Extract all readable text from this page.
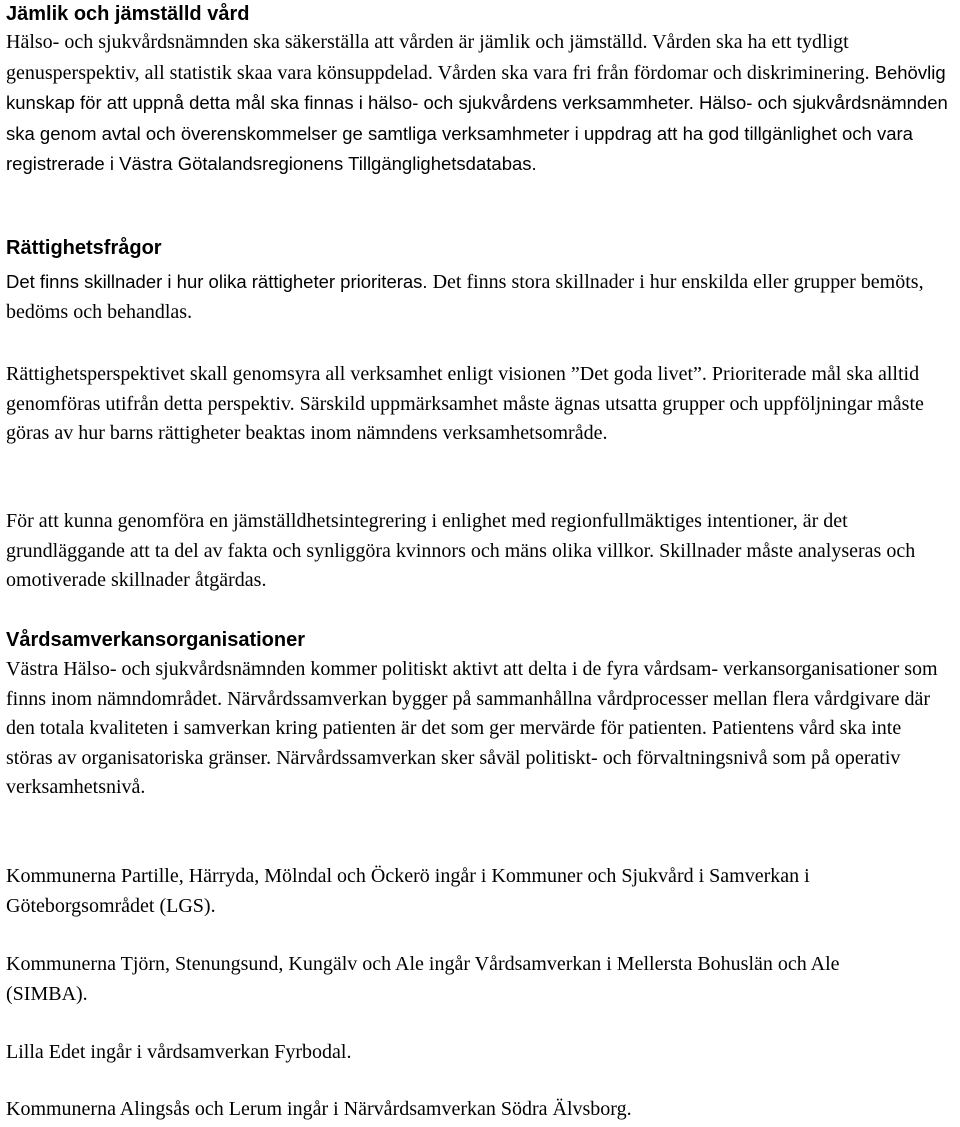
Jämlik och jämställd vård

Hälso- och sjukvårdsnämnden ska säkerställa att vården är jämlik och jämställd. Vården ska ha ett tydligt genusperspektiv, all statistik skaa vara könsuppdelad. Vården ska vara fri från fördomar och diskriminering. Behövlig kunskap för att uppnå detta mål ska finnas i hälso- och sjukvårdens verksammheter. Hälso- och sjukvårdsnämnden ska genom avtal och överenskommelser ge samtliga verksamhmeter i uppdrag att ha god tillgänlighet och vara registrerade i Västra Götalandsregionens Tillgänglighetsdatabas.

Rättighetsfrågor

Det finns skillnader i hur olika rättigheter prioriteras. Det finns stora skillnader i hur enskilda eller grupper bemöts, bedöms och behandlas.

Rättighetsperspektivet skall genomsyra all verksamhet enligt visionen ”Det goda livet”. Prioriterade mål ska alltid genomföras utifrån detta perspektiv. Särskild uppmärksamhet måste ägnas utsatta grupper och uppföljningar måste göras av hur barns rättigheter beaktas inom nämndens verksamhetsområde.

För att kunna genomföra en jämställdhetsintegrering i enlighet med regionfullmäktiges intentioner, är det grundläggande att ta del av fakta och synliggöra kvinnors och mäns olika villkor. Skillnader måste analyseras och omotiverade skillnader åtgärdas.

Vårdsamverkansorganisationer

Västra Hälso- och sjukvårdsnämnden kommer politiskt aktivt att delta i de fyra vårdsam- verkansorganisationer som finns inom nämndområdet. Närvårdssamverkan bygger på sammanhållna vårdprocesser mellan flera vårdgivare där den totala kvaliteten i samverkan kring patienten är det som ger mervärde för patienten. Patientens vård ska inte störas av organisatoriska gränser. Närvårdssamverkan sker såväl politiskt- och förvaltningsnivå som på operativ verksamhetsnivå.

Kommunerna Partille, Härryda, Mölndal och Öckerö ingår i Kommuner och Sjukvård i Samverkan i Göteborgsområdet (LGS).

Kommunerna Tjörn, Stenungsund, Kungälv och Ale ingår Vårdsamverkan i Mellersta Bohuslän och Ale (SIMBA).

Lilla Edet ingår i vårdsamverkan Fyrbodal.

Kommunerna Alingsås och Lerum ingår i Närvårdsamverkan Södra Älvsborg.
